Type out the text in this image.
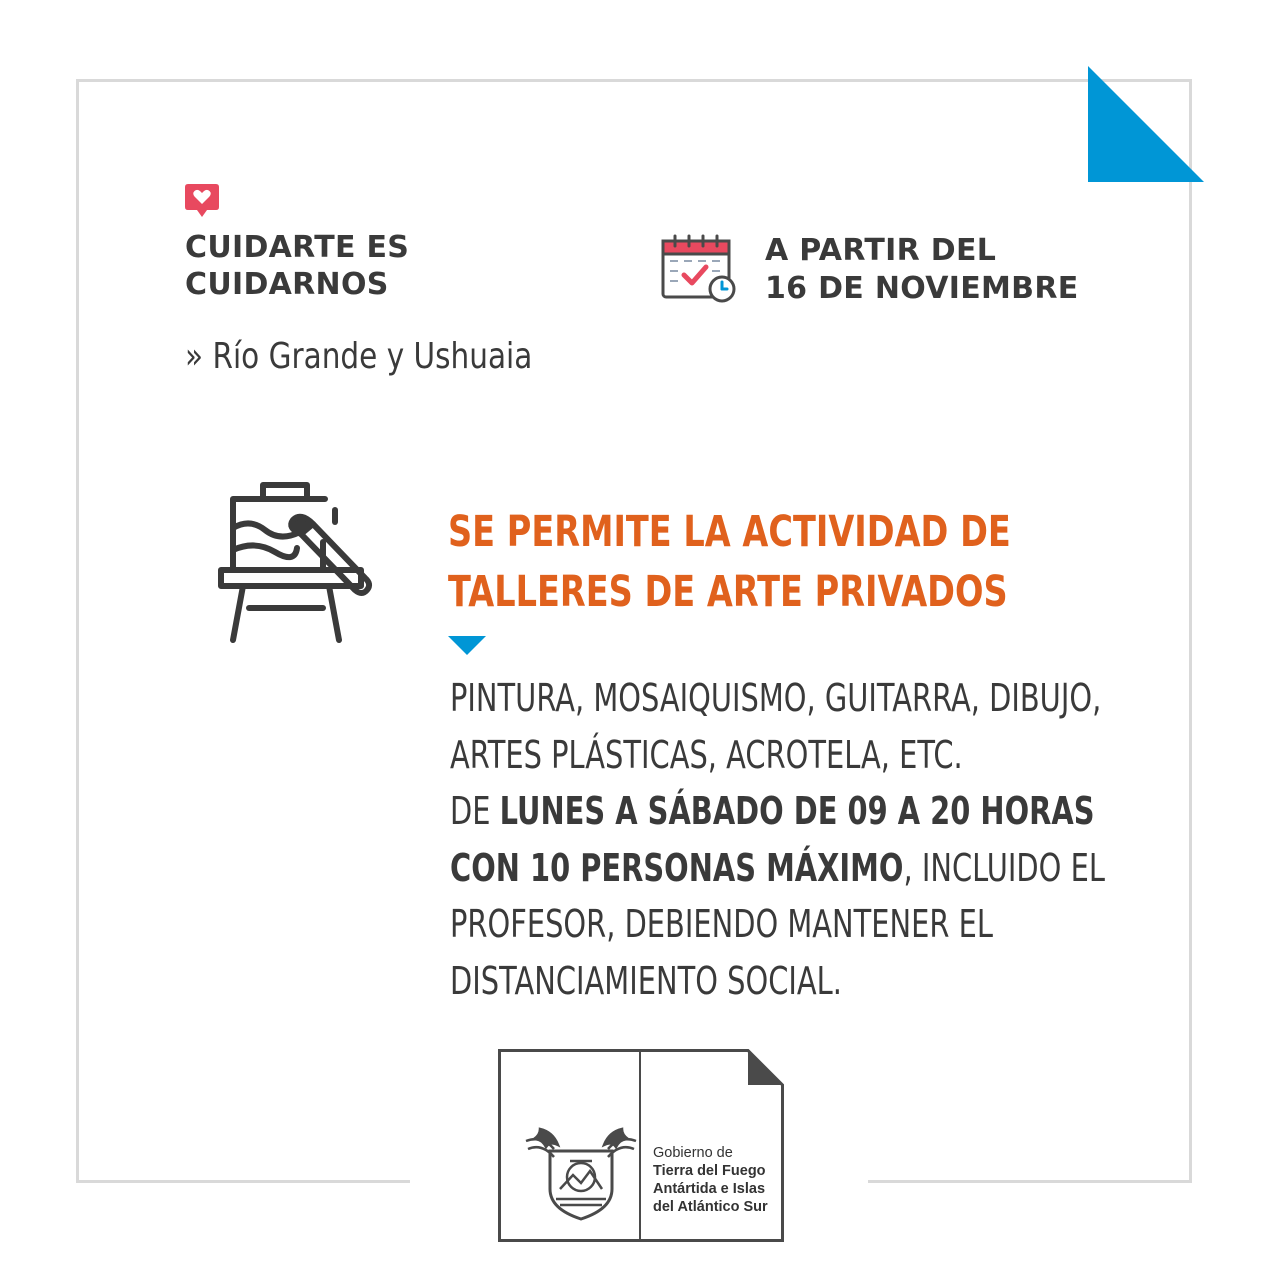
CUIDARTE ES
CUIDARNOS
A PARTIR DEL
16 DE NOVIEMBRE
» Río Grande y Ushuaia
SE PERMITE LA ACTIVIDAD DE
TALLERES DE ARTE PRIVADOS
PINTURA, MOSAIQUISMO, GUITARRA, DIBUJO,
ARTES PLÁSTICAS, ACROTELA, ETC.
DE LUNES A SÁBADO DE 09 A 20 HORAS
CON 10 PERSONAS MÁXIMO, INCLUIDO EL
PROFESOR, DEBIENDO MANTENER EL
DISTANCIAMIENTO SOCIAL.
Gobierno de
Tierra del Fuego
Antártida e Islas
del Atlántico Sur
